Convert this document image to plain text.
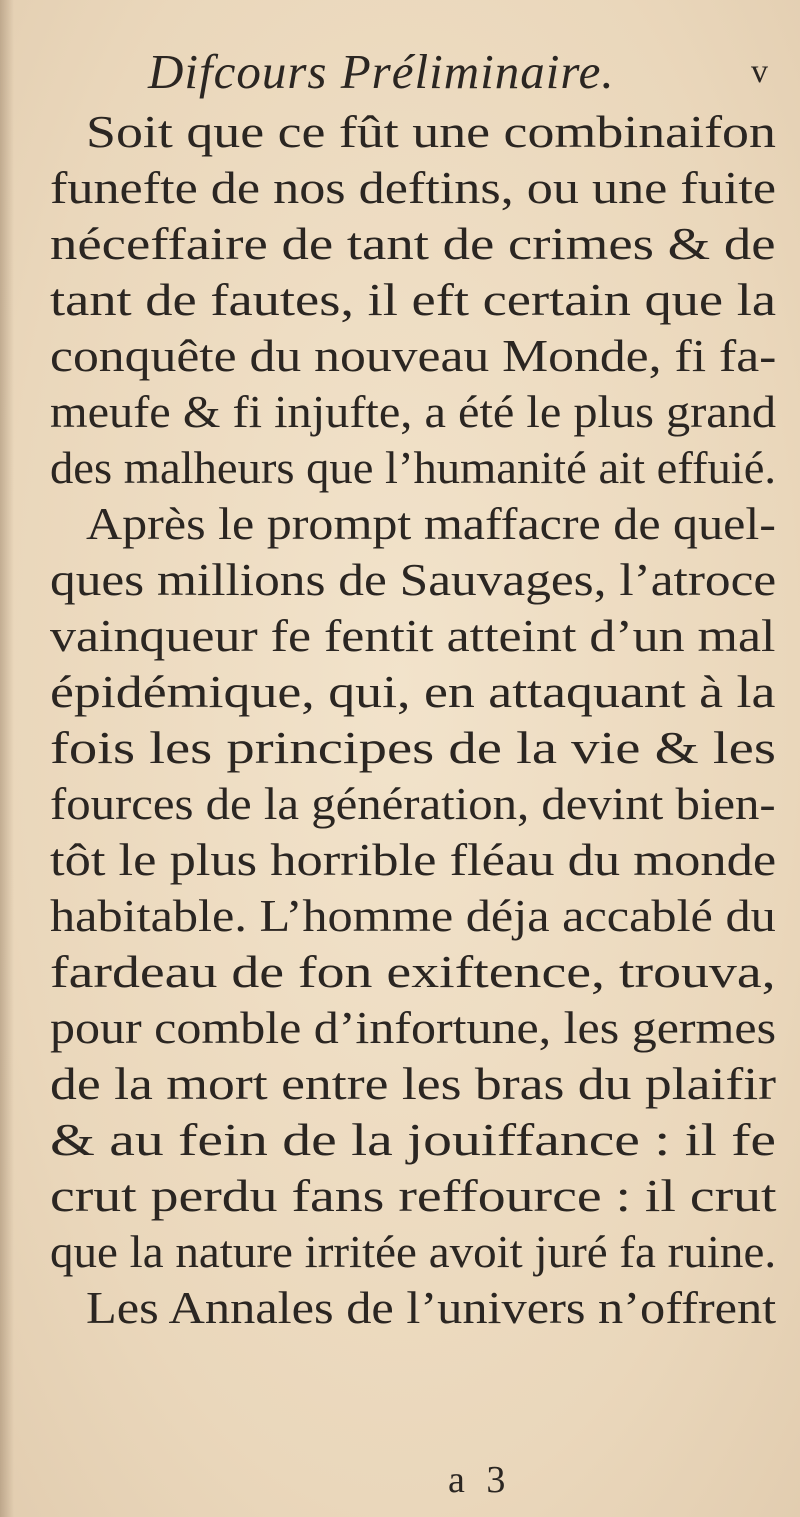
Difcours Préliminaire.	v
Soit que ce fût une combinaifon
funefte de nos deftins, ou une fuite
néceffaire de tant de crimes & de
tant de fautes, il eft certain que la
conquête du nouveau Monde, fi fa-
meufe & fi injufte, a été le plus grand
des malheurs que l’humanité ait effuié.
Après le prompt maffacre de quel-
ques millions de Sauvages, l’atroce
vainqueur fe fentit atteint d’un mal
épidémique, qui, en attaquant à la
fois les principes de la vie & les
fources de la génération, devint bien-
tôt le plus horrible fléau du monde
habitable. L’homme déja accablé du
fardeau de fon exiftence, trouva,
pour comble d’infortune, les germes
de la mort entre les bras du plaifir
& au fein de la jouiffance : il fe
crut perdu fans reffource : il crut
que la nature irritée avoit juré fa ruine.
Les Annales de l’univers n’offrent
a 3
